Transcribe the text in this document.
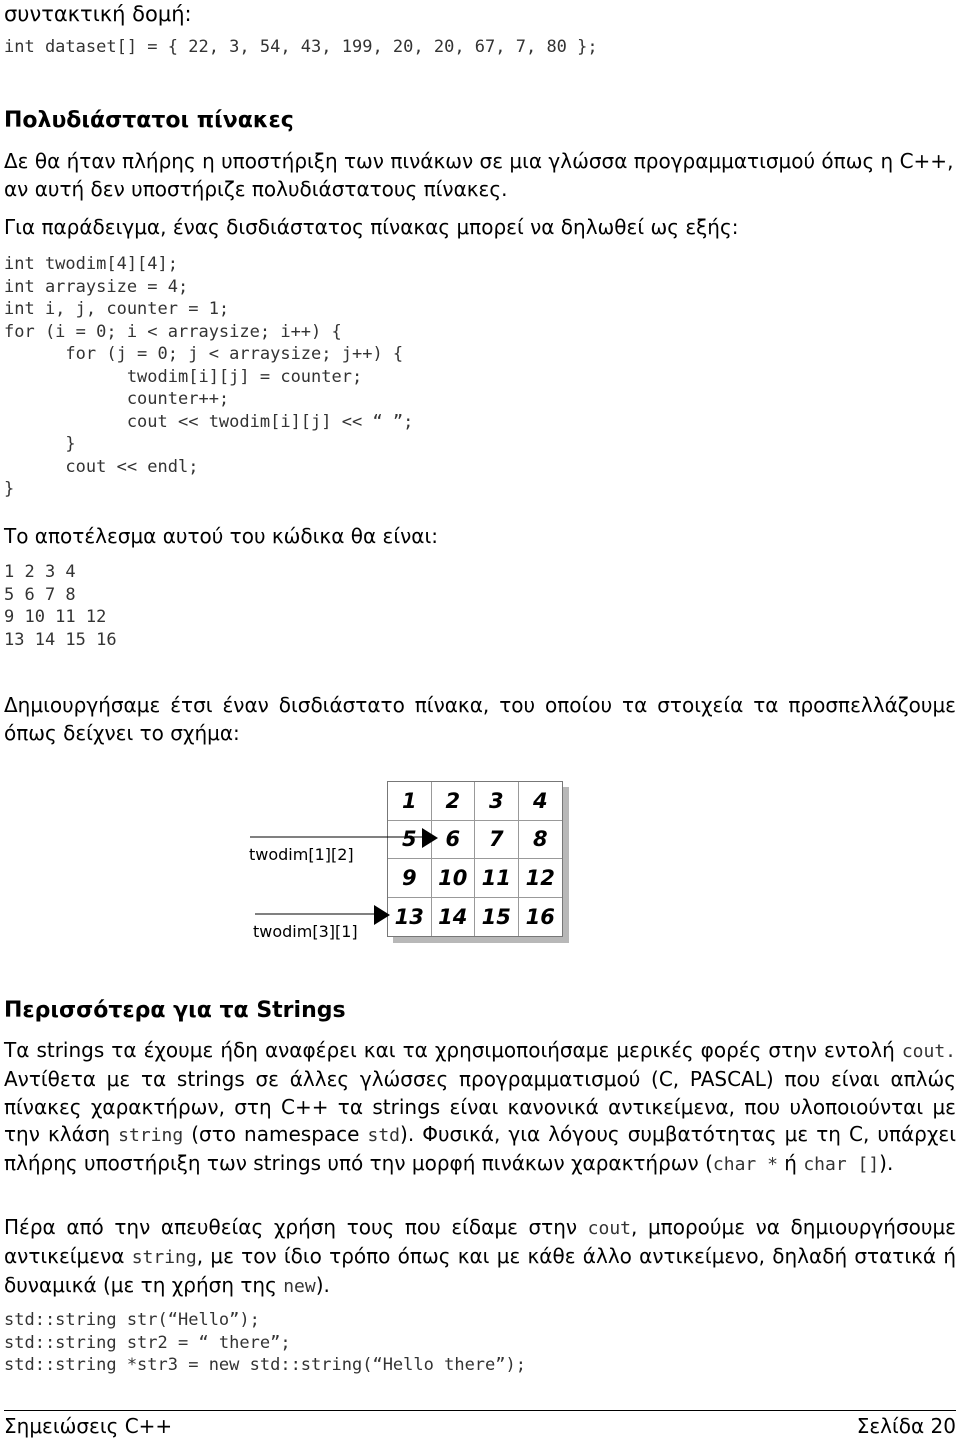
συντακτική δομή:

int dataset[] = { 22, 3, 54, 43, 199, 20, 20, 67, 7, 80 };

Πολυδιάστατοι πίνακες

Δε θα ήταν πλήρης η υποστήριξη των πινάκων σε μια γλώσσα προγραμματισμού όπως η C++, αν αυτή δεν υποστήριζε πολυδιάστατους πίνακες.

Για παράδειγμα, ένας δισδιάστατος πίνακας μπορεί να δηλωθεί ως εξής:

int twodim[4][4];
int arraysize = 4;
int i, j, counter = 1;
for (i = 0; i < arraysize; i++) {
for (j = 0; j < arraysize; j++) {
twodim[i][j] = counter;
counter++;
cout << twodim[i][j] << “ ”;
}
cout << endl;
}

Το αποτέλεσμα αυτού του κώδικα θα είναι:

1 2 3 4
5 6 7 8
9 10 11 12
13 14 15 16

Δημιουργήσαμε έτσι έναν δισδιάστατο πίνακα, του οποίου τα στοιχεία τα προσπελλάζουμε όπως δείχνει το σχήμα:

1	2	3	4
5	6	7	8
9	10 11 12
13 14 15 16
twodim[1][2]
twodim[3][1]

Περισσότερα για τα Strings

Τα strings τα έχουμε ήδη αναφέρει και τα χρησιμοποιήσαμε μερικές φορές στην εντολή cout. Αντίθετα με τα strings σε άλλες γλώσσες προγραμματισμού (C, PASCAL) που είναι απλώς πίνακες χαρακτήρων, στη C++ τα strings είναι κανονικά αντικείμενα, που υλοποιούνται με την κλάση string (στο namespace std). Φυσικά, για λόγους συμβατότητας με τη C, υπάρχει πλήρης υποστήριξη των strings υπό την μορφή πινάκων χαρακτήρων (char * ή char []).

Πέρα από την απευθείας χρήση τους που είδαμε στην cout, μπορούμε να δημιουργήσουμε αντικείμενα string, με τον ίδιο τρόπο όπως και με κάθε άλλο αντικείμενο, δηλαδή στατικά ή δυναμικά (με τη χρήση της new).

std::string str(“Hello”);
std::string str2 = “ there”;
std::string *str3 = new std::string(“Hello there”);
Σημειώσεις C++	Σελίδα 20
